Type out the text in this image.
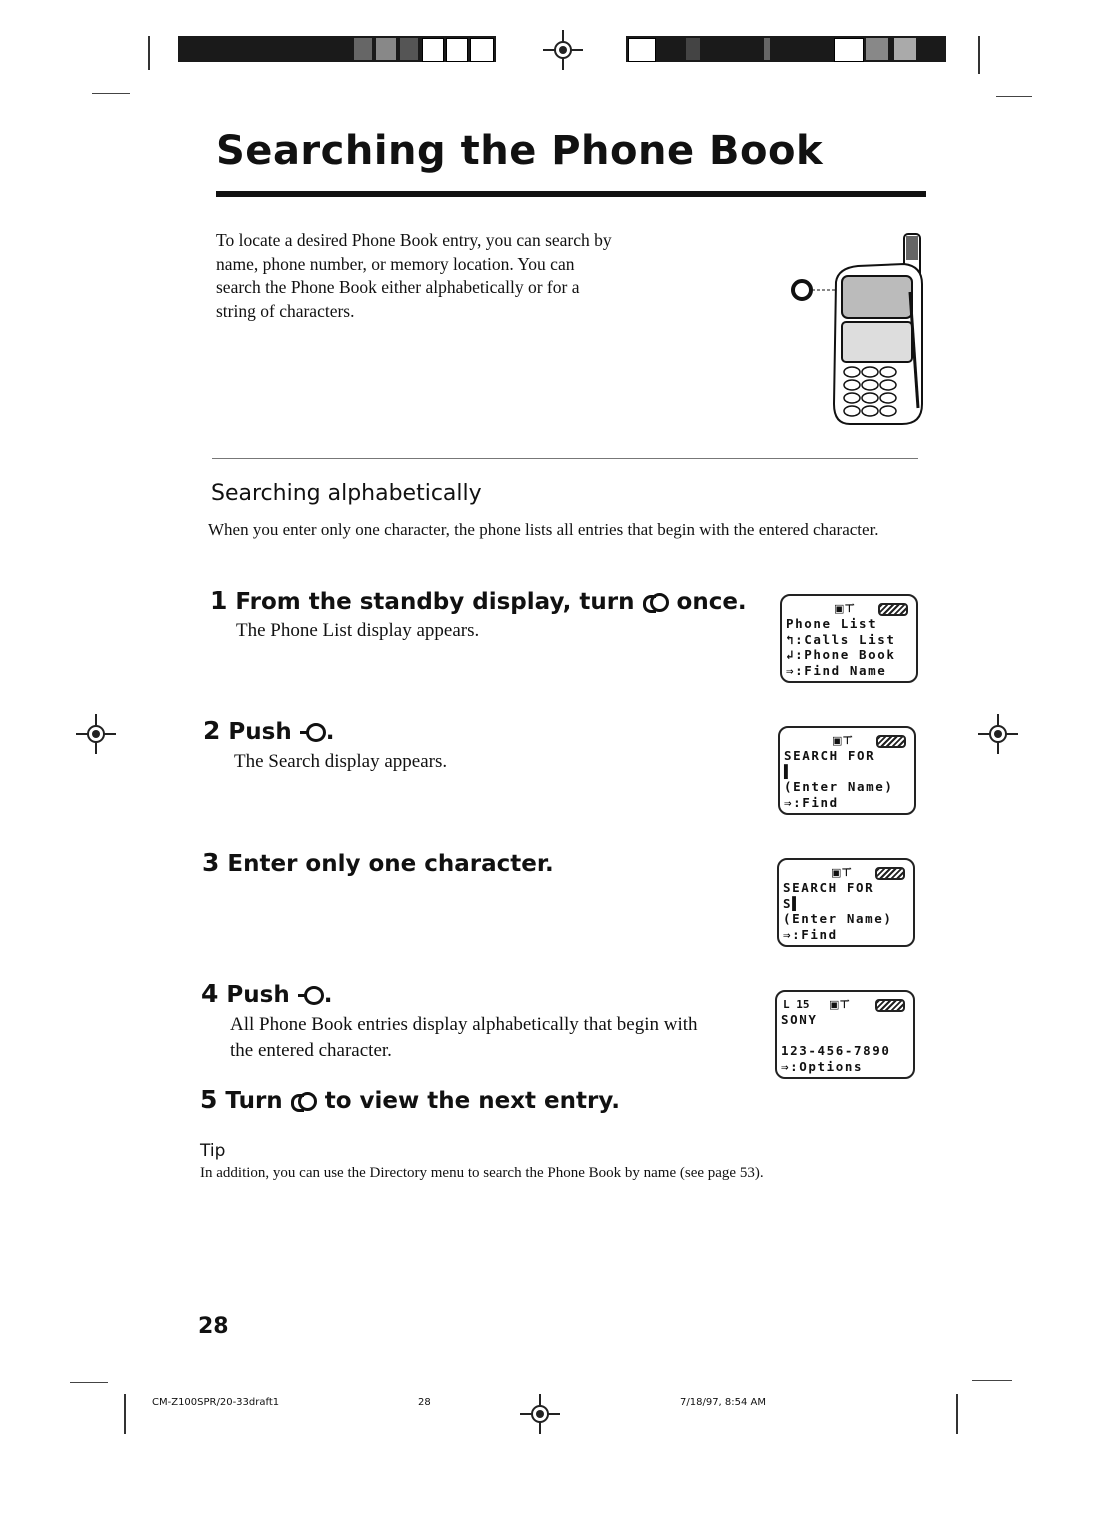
Searching the Phone Book
To locate a desired Phone Book entry, you can search by name, phone number, or memory location. You can search the Phone Book either alphabetically or for a string of characters.
Searching alphabetically
When you enter only one character, the phone lists all entries that begin with the entered character.
1 From the standby display, turn once.
The Phone List display appears.
2 Push .
The Search display appears.
3 Enter only one character.
4 Push .
All Phone Book entries display alphabetically that begin with the entered character.
5 Turn to view the next entry.
▣⊤⃑
Phone List
↰:Calls List
↲:Phone Book
⇒:Find Name
▣⊤⃑
SEARCH FOR
▌
(Enter Name)
⇒:Find
▣⊤⃑
SEARCH FOR
S▌
(Enter Name)
⇒:Find
L 15 ▣⊤⃑
SONY
123-456-7890
⇒:Options
Tip
In addition, you can use the Directory menu to search the Phone Book by name (see page 53).
28
CM-Z100SPR/20-33draft1	28	7/18/97, 8:54 AM
